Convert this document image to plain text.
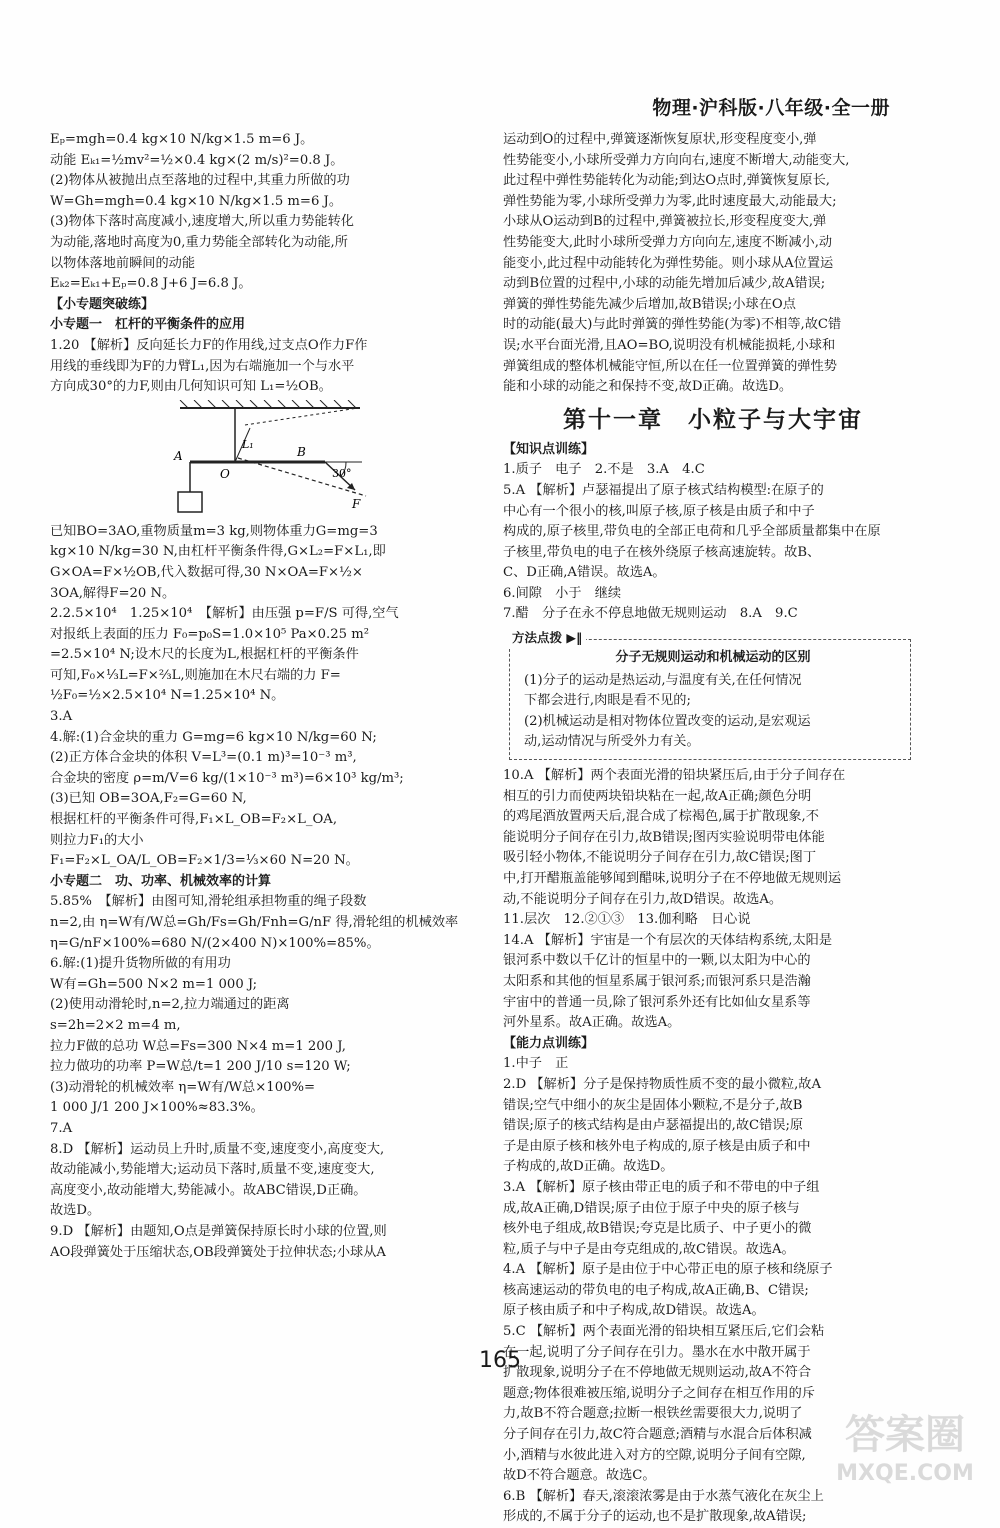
物理·沪科版·八年级·全一册
Eₚ=mgh=0.4 kg×10 N/kg×1.5 m=6 J。
动能 Eₖ₁=½mv²=½×0.4 kg×(2 m/s)²=0.8 J。
(2)物体从被抛出点至落地的过程中,其重力所做的功
W=Gh=mgh=0.4 kg×10 N/kg×1.5 m=6 J。
(3)物体下落时高度减小,速度增大,所以重力势能转化
为动能,落地时高度为0,重力势能全部转化为动能,所
以物体落地前瞬间的动能
Eₖ₂=Eₖ₁+Eₚ=0.8 J+6 J=6.8 J。
【小专题突破练】
小专题一　杠杆的平衡条件的应用
1.20 【解析】反向延长力F的作用线,过支点O作力F作
用线的垂线即为F的力臂L₁,因为右端施加一个与水平
方向成30°的力F,则由几何知识可知 L₁=½OB。
A
O
B
L₁
30°
F
已知BO=3AO,重物质量m=3 kg,则物体重力G=mg=3
kg×10 N/kg=30 N,由杠杆平衡条件得,G×L₂=F×L₁,即
G×OA=F×½OB,代入数据可得,30 N×OA=F×½×
3OA,解得F=20 N。
2.2.5×10⁴　1.25×10⁴　【解析】由压强 p=F/S 可得,空气
对报纸上表面的压力 F₀=p₀S=1.0×10⁵ Pa×0.25 m²
=2.5×10⁴ N;设木尺的长度为L,根据杠杆的平衡条件
可知,F₀×⅓L=F×⅔L,则施加在木尺右端的力 F=
½F₀=½×2.5×10⁴ N=1.25×10⁴ N。
3.A
4.解:(1)合金块的重力 G=mg=6 kg×10 N/kg=60 N;
(2)正方体合金块的体积 V=L³=(0.1 m)³=10⁻³ m³,
合金块的密度 ρ=m/V=6 kg/(1×10⁻³ m³)=6×10³ kg/m³;
(3)已知 OB=3OA,F₂=G=60 N,
根据杠杆的平衡条件可得,F₁×L_OB=F₂×L_OA,
则拉力F₁的大小
F₁=F₂×L_OA/L_OB=F₂×1/3=⅓×60 N=20 N。
小专题二　功、功率、机械效率的计算
5.85%　【解析】由图可知,滑轮组承担物重的绳子段数
n=2,由 η=W有/W总=Gh/Fs=Gh/Fnh=G/nF 得,滑轮组的机械效率
η=G/nF×100%=680 N/(2×400 N)×100%=85%。
6.解:(1)提升货物所做的有用功
W有=Gh=500 N×2 m=1 000 J;
(2)使用动滑轮时,n=2,拉力端通过的距离
s=2h=2×2 m=4 m,
拉力F做的总功 W总=Fs=300 N×4 m=1 200 J,
拉力做功的功率 P=W总/t=1 200 J/10 s=120 W;
(3)动滑轮的机械效率 η=W有/W总×100%=
1 000 J/1 200 J×100%≈83.3%。
7.A
8.D 【解析】运动员上升时,质量不变,速度变小,高度变大,
故动能减小,势能增大;运动员下落时,质量不变,速度变大,
高度变小,故动能增大,势能减小。故ABC错误,D正确。
故选D。
9.D 【解析】由题知,O点是弹簧保持原长时小球的位置,则
AO段弹簧处于压缩状态,OB段弹簧处于拉伸状态;小球从A
运动到O的过程中,弹簧逐渐恢复原状,形变程度变小,弹
性势能变小,小球所受弹力方向向右,速度不断增大,动能变大,
此过程中弹性势能转化为动能;到达O点时,弹簧恢复原长,
弹性势能为零,小球所受弹力为零,此时速度最大,动能最大;
小球从O运动到B的过程中,弹簧被拉长,形变程度变大,弹
性势能变大,此时小球所受弹力方向向左,速度不断减小,动
能变小,此过程中动能转化为弹性势能。则小球从A位置运
动到B位置的过程中,小球的动能先增加后减少,故A错误;
弹簧的弹性势能先减少后增加,故B错误;小球在O点
时的动能(最大)与此时弹簧的弹性势能(为零)不相等,故C错
误;水平台面光滑,且AO=BO,说明没有机械能损耗,小球和
弹簧组成的整体机械能守恒,所以在任一位置弹簧的弹性势
能和小球的动能之和保持不变,故D正确。故选D。
第十一章　小粒子与大宇宙
【知识点训练】
1.质子　电子　2.不是　3.A　4.C
5.A 【解析】卢瑟福提出了原子核式结构模型:在原子的
中心有一个很小的核,叫原子核,原子核是由质子和中子
构成的,原子核里,带负电的全部正电荷和几乎全部质量都集中在原
子核里,带负电的电子在核外绕原子核高速旋转。故B、
C、D正确,A错误。故选A。
6.间隙　小于　继续
7.醋　分子在永不停息地做无规则运动　8.A　9.C
方法点拨 ▶‖
分子无规则运动和机械运动的区别
(1)分子的运动是热运动,与温度有关,在任何情况
下都会进行,肉眼是看不见的;
(2)机械运动是相对物体位置改变的运动,是宏观运
动,运动情况与所受外力有关。
10.A 【解析】两个表面光滑的铅块紧压后,由于分子间存在
相互的引力而使两块铅块粘在一起,故A正确;颜色分明
的鸡尾酒放置两天后,混合成了棕褐色,属于扩散现象,不
能说明分子间存在引力,故B错误;图丙实验说明带电体能
吸引轻小物体,不能说明分子间存在引力,故C错误;图丁
中,打开醋瓶盖能够闻到醋味,说明分子在不停地做无规则运
动,不能说明分子间存在引力,故D错误。故选A。
11.层次　12.②①③　13.伽利略　日心说
14.A 【解析】宇宙是一个有层次的天体结构系统,太阳是
银河系中数以千亿计的恒星中的一颗,以太阳为中心的
太阳系和其他的恒星系属于银河系;而银河系只是浩瀚
宇宙中的普通一员,除了银河系外还有比如仙女星系等
河外星系。故A正确。故选A。
【能力点训练】
1.中子　正
2.D 【解析】分子是保持物质性质不变的最小微粒,故A
错误;空气中细小的灰尘是固体小颗粒,不是分子,故B
错误;原子的核式结构是由卢瑟福提出的,故C错误;原
子是由原子核和核外电子构成的,原子核是由质子和中
子构成的,故D正确。故选D。
3.A 【解析】原子核由带正电的质子和不带电的中子组
成,故A正确,D错误;原子由位于原子中央的原子核与
核外电子组成,故B错误;夸克是比质子、中子更小的微
粒,质子与中子是由夸克组成的,故C错误。故选A。
4.A 【解析】原子是由位于中心带正电的原子核和绕原子
核高速运动的带负电的电子构成,故A正确,B、C错误;
原子核由质子和中子构成,故D错误。故选A。
5.C 【解析】两个表面光滑的铅块相互紧压后,它们会粘
在一起,说明了分子间存在引力。墨水在水中散开属于
扩散现象,说明分子在不停地做无规则运动,故A不符合
题意;物体很难被压缩,说明分子之间存在相互作用的斥
力,故B不符合题意;拉断一根铁丝需要很大力,说明了
分子间存在引力,故C符合题意;酒精与水混合后体积减
小,酒精与水彼此进入对方的空隙,说明分子间有空隙,
故D不符合题意。故选C。
6.B 【解析】春天,滚滚浓雾是由于水蒸气液化在灰尘上
形成的,不属于分子的运动,也不是扩散现象,故A错误;
165
答案圈
MXQE.COM
